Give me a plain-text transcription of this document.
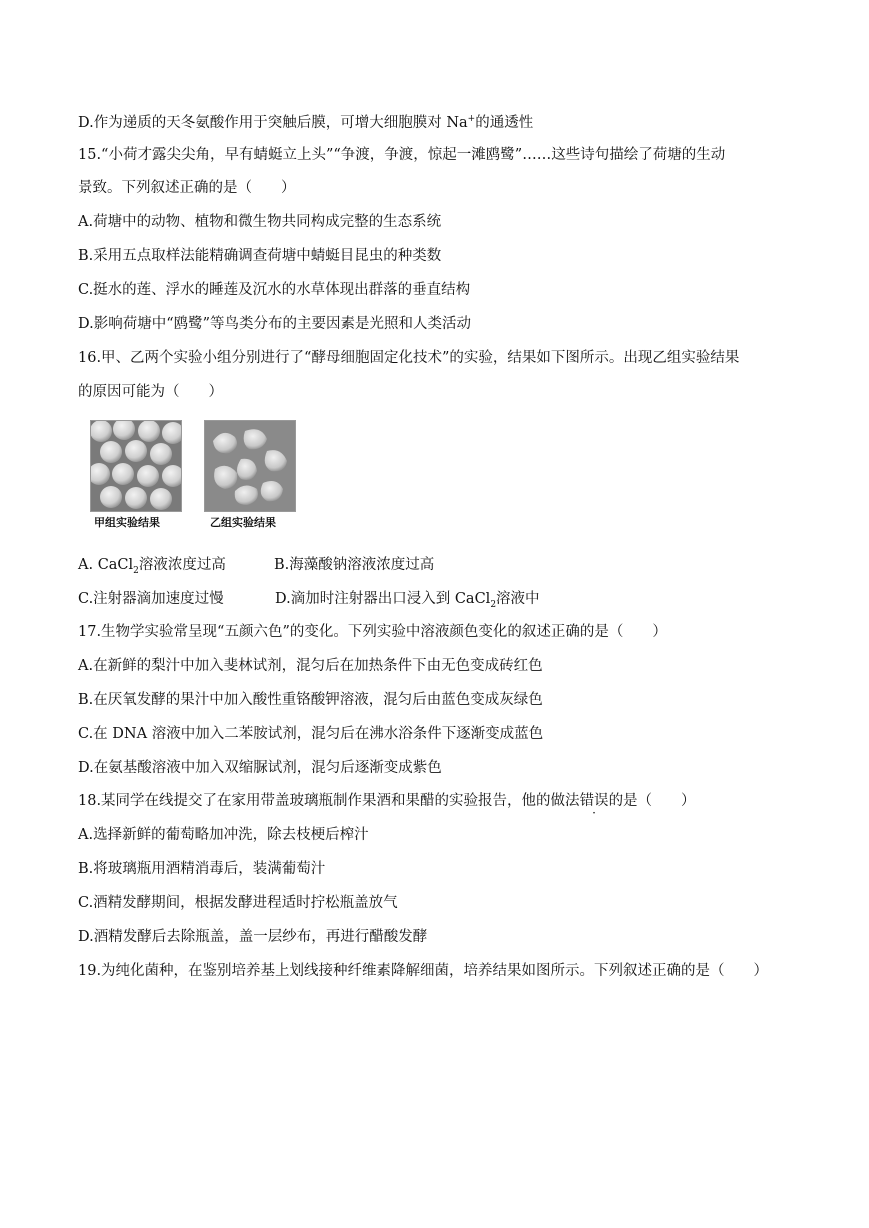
D.作为递质的天冬氨酸作用于突触后膜，可增大细胞膜对 Na+的通透性
15.“小荷才露尖尖角，早有蜻蜓立上头”“争渡，争渡，惊起一滩鸥鹭”……这些诗句描绘了荷塘的生动
景致。下列叙述正确的是（　　）
A.荷塘中的动物、植物和微生物共同构成完整的生态系统
B.采用五点取样法能精确调查荷塘中蜻蜓目昆虫的种类数
C.挺水的莲、浮水的睡莲及沉水的水草体现出群落的垂直结构
D.影响荷塘中“鸥鹭”等鸟类分布的主要因素是光照和人类活动
16.甲、乙两个实验小组分别进行了“酵母细胞固定化技术”的实验，结果如下图所示。出现乙组实验结果
的原因可能为（　　）
甲组实验结果	乙组实验结果
A. CaCl$_2$溶液浓度过高	B.海藻酸钠溶液浓度过高
C.注射器滴加速度过慢	D.滴加时注射器出口浸入到 CaCl$_2$溶液中
17.生物学实验常呈现“五颜六色”的变化。下列实验中溶液颜色变化的叙述正确的是（　　）
A.在新鲜的梨汁中加入斐林试剂，混匀后在加热条件下由无色变成砖红色
B.在厌氧发酵的果汁中加入酸性重铬酸钾溶液，混匀后由蓝色变成灰绿色
C.在 DNA 溶液中加入二苯胺试剂，混匀后在沸水浴条件下逐渐变成蓝色
D.在氨基酸溶液中加入双缩脲试剂，混匀后逐渐变成紫色
18.某同学在线提交了在家用带盖玻璃瓶制作果酒和果醋的实验报告，他的做法错误的是（　　）
A.选择新鲜的葡萄略加冲洗，除去枝梗后榨汁
B.将玻璃瓶用酒精消毒后，装满葡萄汁
C.酒精发酵期间，根据发酵进程适时拧松瓶盖放气
D.酒精发酵后去除瓶盖，盖一层纱布，再进行醋酸发酵
19.为纯化菌种，在鉴别培养基上划线接种纤维素降解细菌，培养结果如图所示。下列叙述正确的是（　　）
